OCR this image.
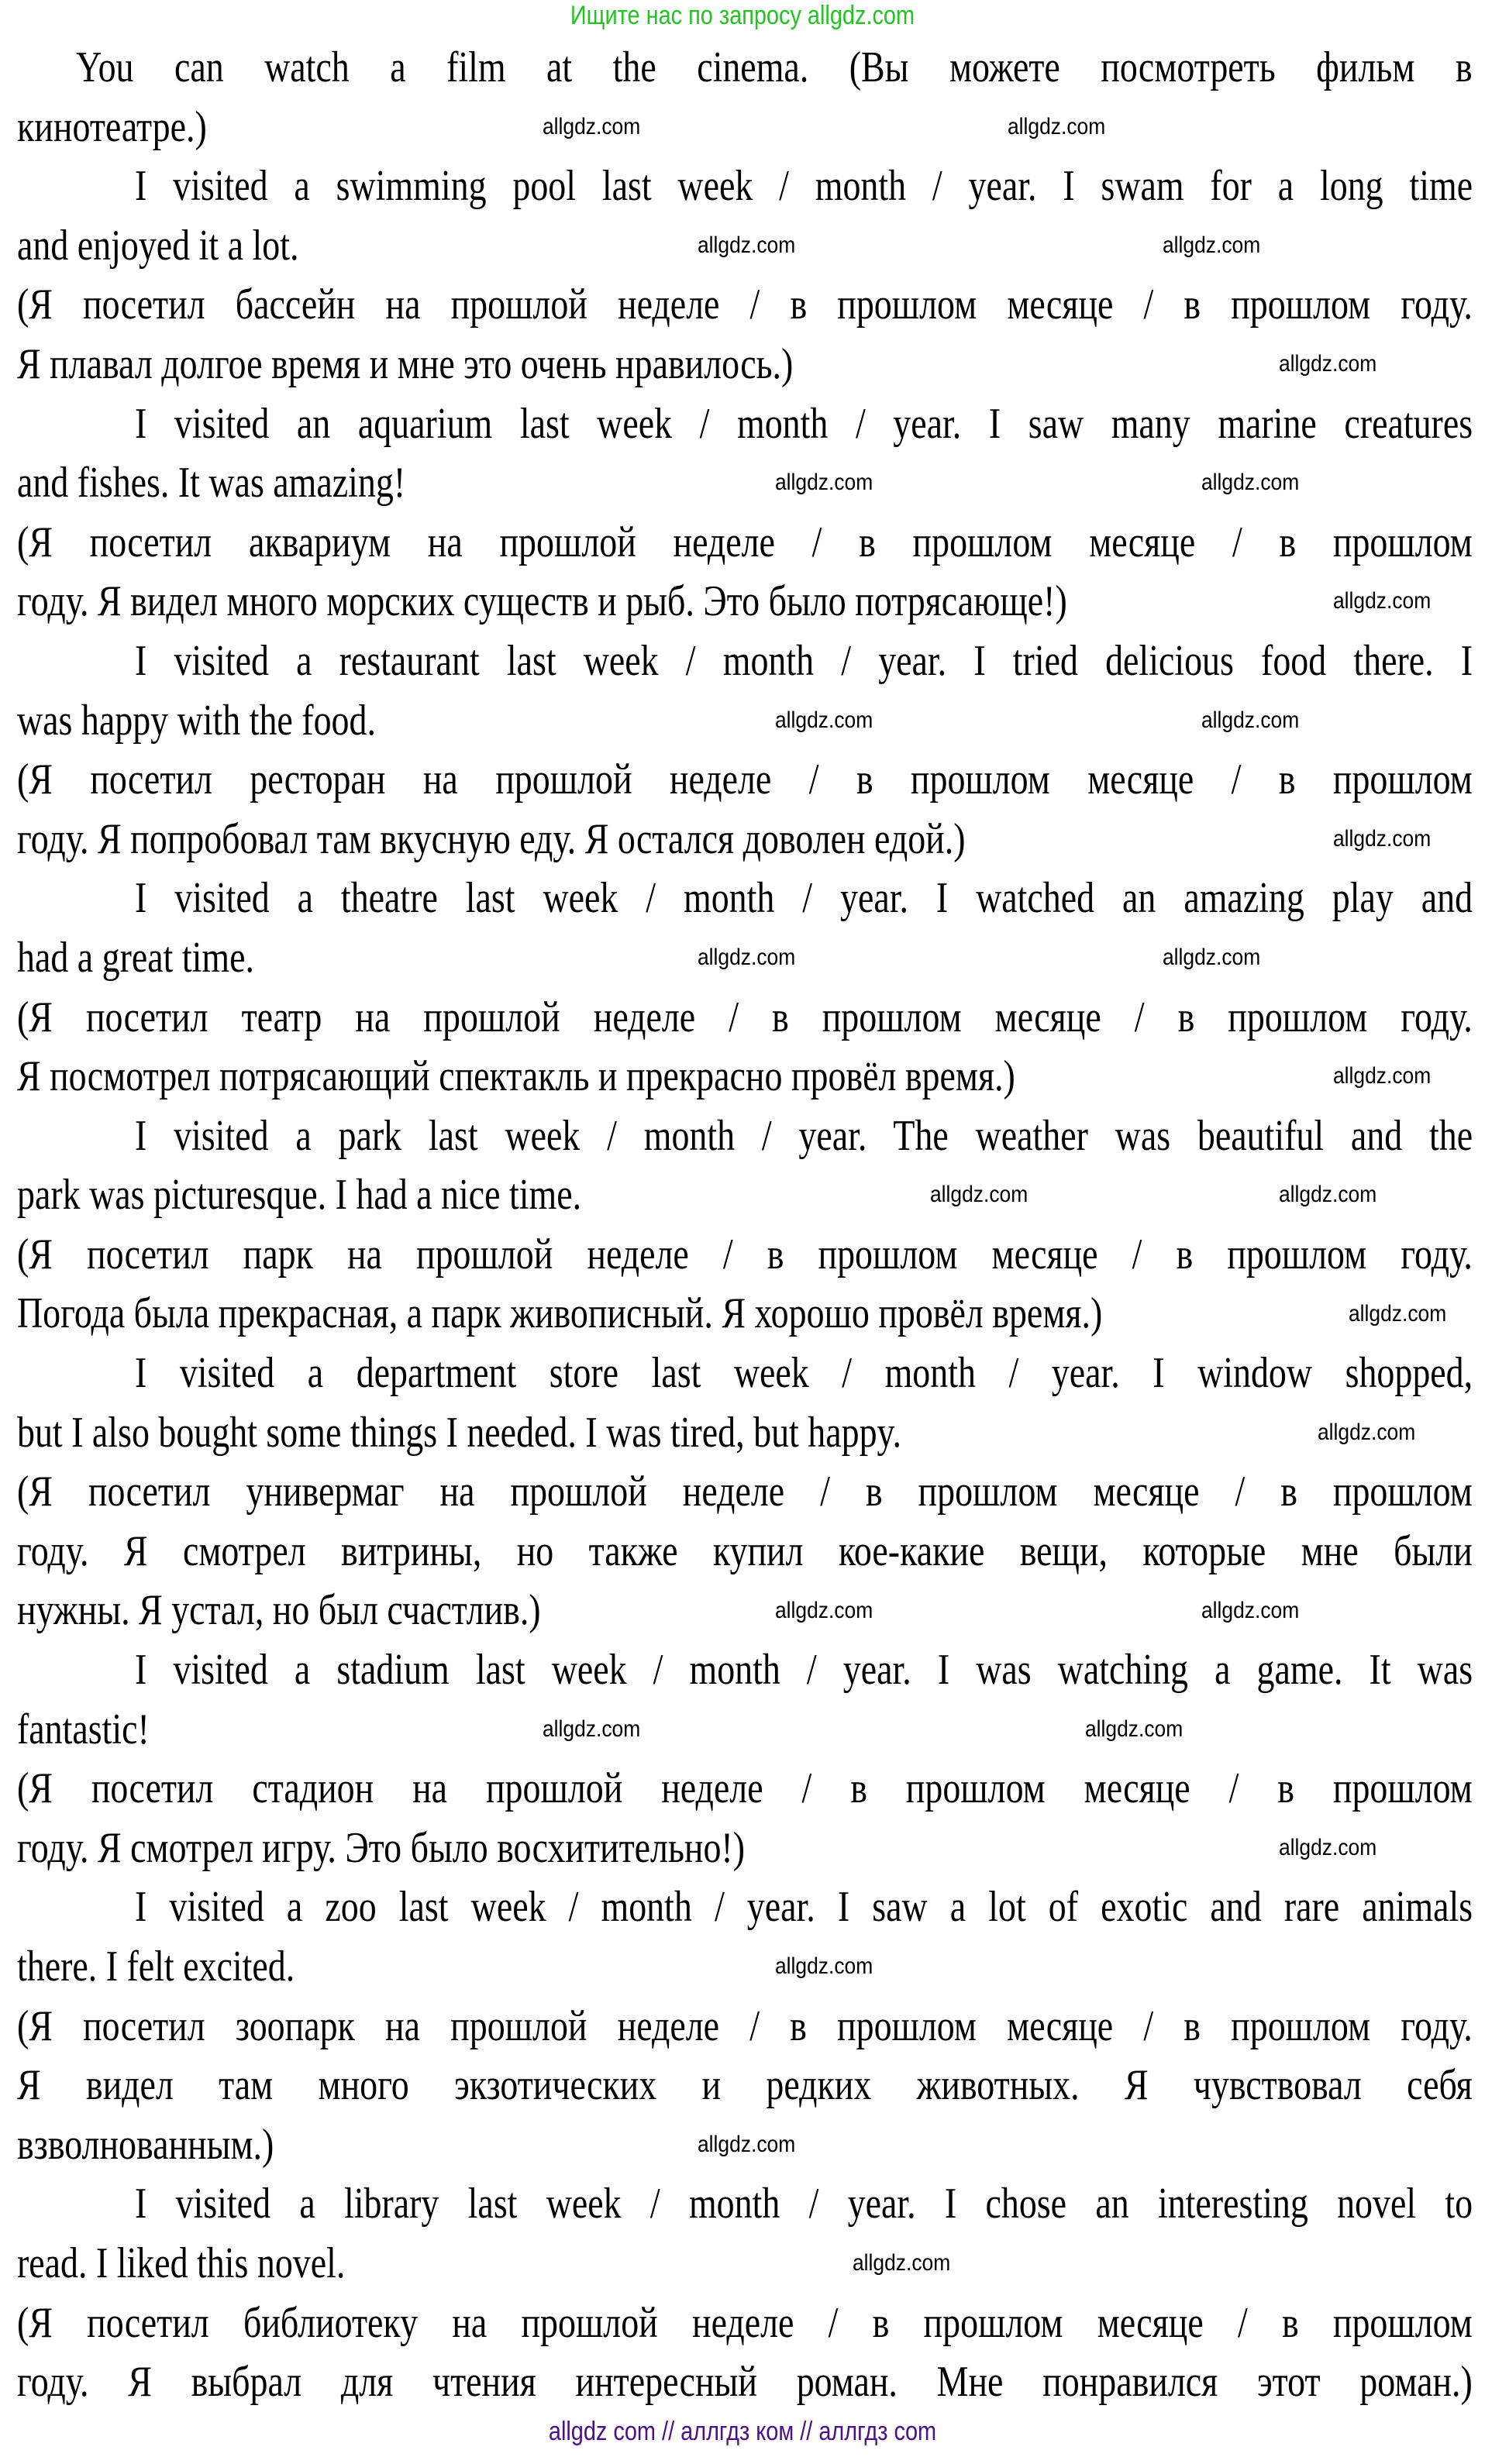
Ищите нас по запросу allgdz.com
You can watch a film at the cinema. (Вы можете посмотреть фильм в
кинотеатре.)
I visited a swimming pool last week / month / year. I swam for a long time
and enjoyed it a lot.
(Я посетил бассейн на прошлой неделе / в прошлом месяце / в прошлом году.
Я плавал долгое время и мне это очень нравилось.)
I visited an aquarium last week / month / year. I saw many marine creatures
and fishes. It was amazing!
(Я посетил аквариум на прошлой неделе / в прошлом месяце / в прошлом
году. Я видел много морских существ и рыб. Это было потрясающе!)
I visited a restaurant last week / month / year. I tried delicious food there. I
was happy with the food.
(Я посетил ресторан на прошлой неделе / в прошлом месяце / в прошлом
году. Я попробовал там вкусную еду. Я остался доволен едой.)
I visited a theatre last week / month / year. I watched an amazing play and
had a great time.
(Я посетил театр на прошлой неделе / в прошлом месяце / в прошлом году.
Я посмотрел потрясающий спектакль и прекрасно провёл время.)
I visited a park last week / month / year. The weather was beautiful and the
park was picturesque. I had a nice time.
(Я посетил парк на прошлой неделе / в прошлом месяце / в прошлом году.
Погода была прекрасная, а парк живописный. Я хорошо провёл время.)
I visited a department store last week / month / year. I window shopped,
but I also bought some things I needed. I was tired, but happy.
(Я посетил универмаг на прошлой неделе / в прошлом месяце / в прошлом
году. Я смотрел витрины, но также купил кое-какие вещи, которые мне были
нужны. Я устал, но был счастлив.)
I visited a stadium last week / month / year. I was watching a game. It was
fantastic!
(Я посетил стадион на прошлой неделе / в прошлом месяце / в прошлом
году. Я смотрел игру. Это было восхитительно!)
I visited a zoo last week / month / year. I saw a lot of exotic and rare animals
there. I felt excited.
(Я посетил зоопарк на прошлой неделе / в прошлом месяце / в прошлом году.
Я видел там много экзотических и редких животных. Я чувствовал себя
взволнованным.)
I visited a library last week / month / year. I chose an interesting novel to
read. I liked this novel.
(Я посетил библиотеку на прошлой неделе / в прошлом месяце / в прошлом
году. Я выбрал для чтения интересный роман. Мне понравился этот роман.)
allgdz.com	allgdz.com
allgdz.com	allgdz.com
allgdz.com
allgdz.com	allgdz.com
allgdz.com
allgdz.com	allgdz.com
allgdz.com
allgdz.com	allgdz.com
allgdz.com
allgdz.com	allgdz.com
allgdz.com
allgdz.com
allgdz.com	allgdz.com
allgdz.com	allgdz.com
allgdz.com
allgdz.com
allgdz.com
allgdz.com
allgdz com // аллгдз ком // аллгдз com
